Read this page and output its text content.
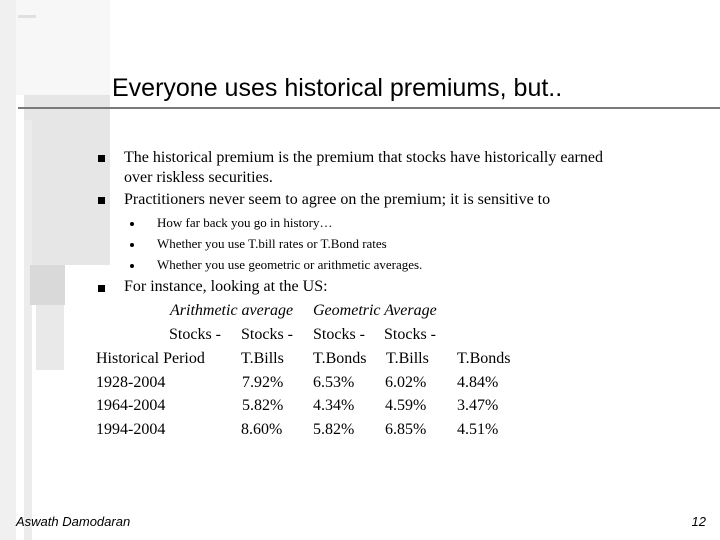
Everyone uses historical premiums, but..
The historical premium is the premium that stocks have historically earned
over riskless securities.
Practitioners never seem to agree on the premium; it is sensitive to
How far back you go in history…
Whether you use T.bill rates or T.Bond rates
Whether you use geometric or arithmetic averages.
For instance, looking at the US:
Arithmetic average Geometric Average
Stocks - Stocks - Stocks - Stocks -
Historical Period T.Bills T.Bonds T.Bills T.Bonds
1928-2004	7.92% 6.53% 6.02% 4.84%
1964-2004	5.82% 4.34% 4.59% 3.47%
1994-2004	8.60% 5.82% 6.85% 4.51%
Aswath Damodaran	12
